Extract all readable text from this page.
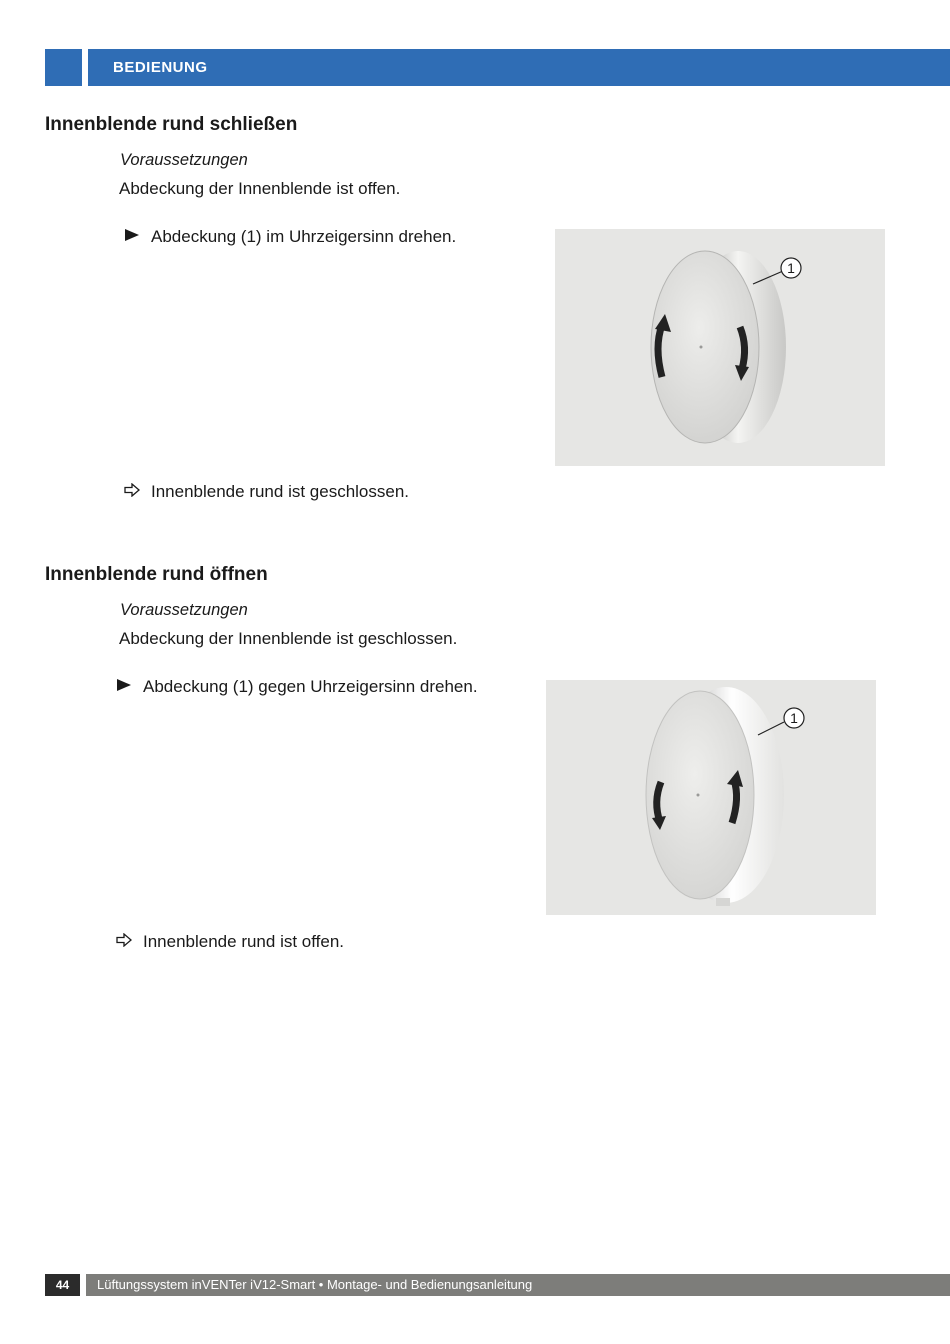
BEDIENUNG
Innenblende rund schließen
Voraussetzungen
Abdeckung der Innenblende ist offen.
Abdeckung (1) im Uhrzeigersinn drehen.
1
Innenblende rund ist geschlossen.
Innenblende rund öffnen
Voraussetzungen
Abdeckung der Innenblende ist geschlossen.
Abdeckung (1) gegen Uhrzeigersinn drehen.
1
Innenblende rund ist offen.
44	Lüftungssystem inVENTer iV12-Smart • Montage- und Bedienungsanleitung
